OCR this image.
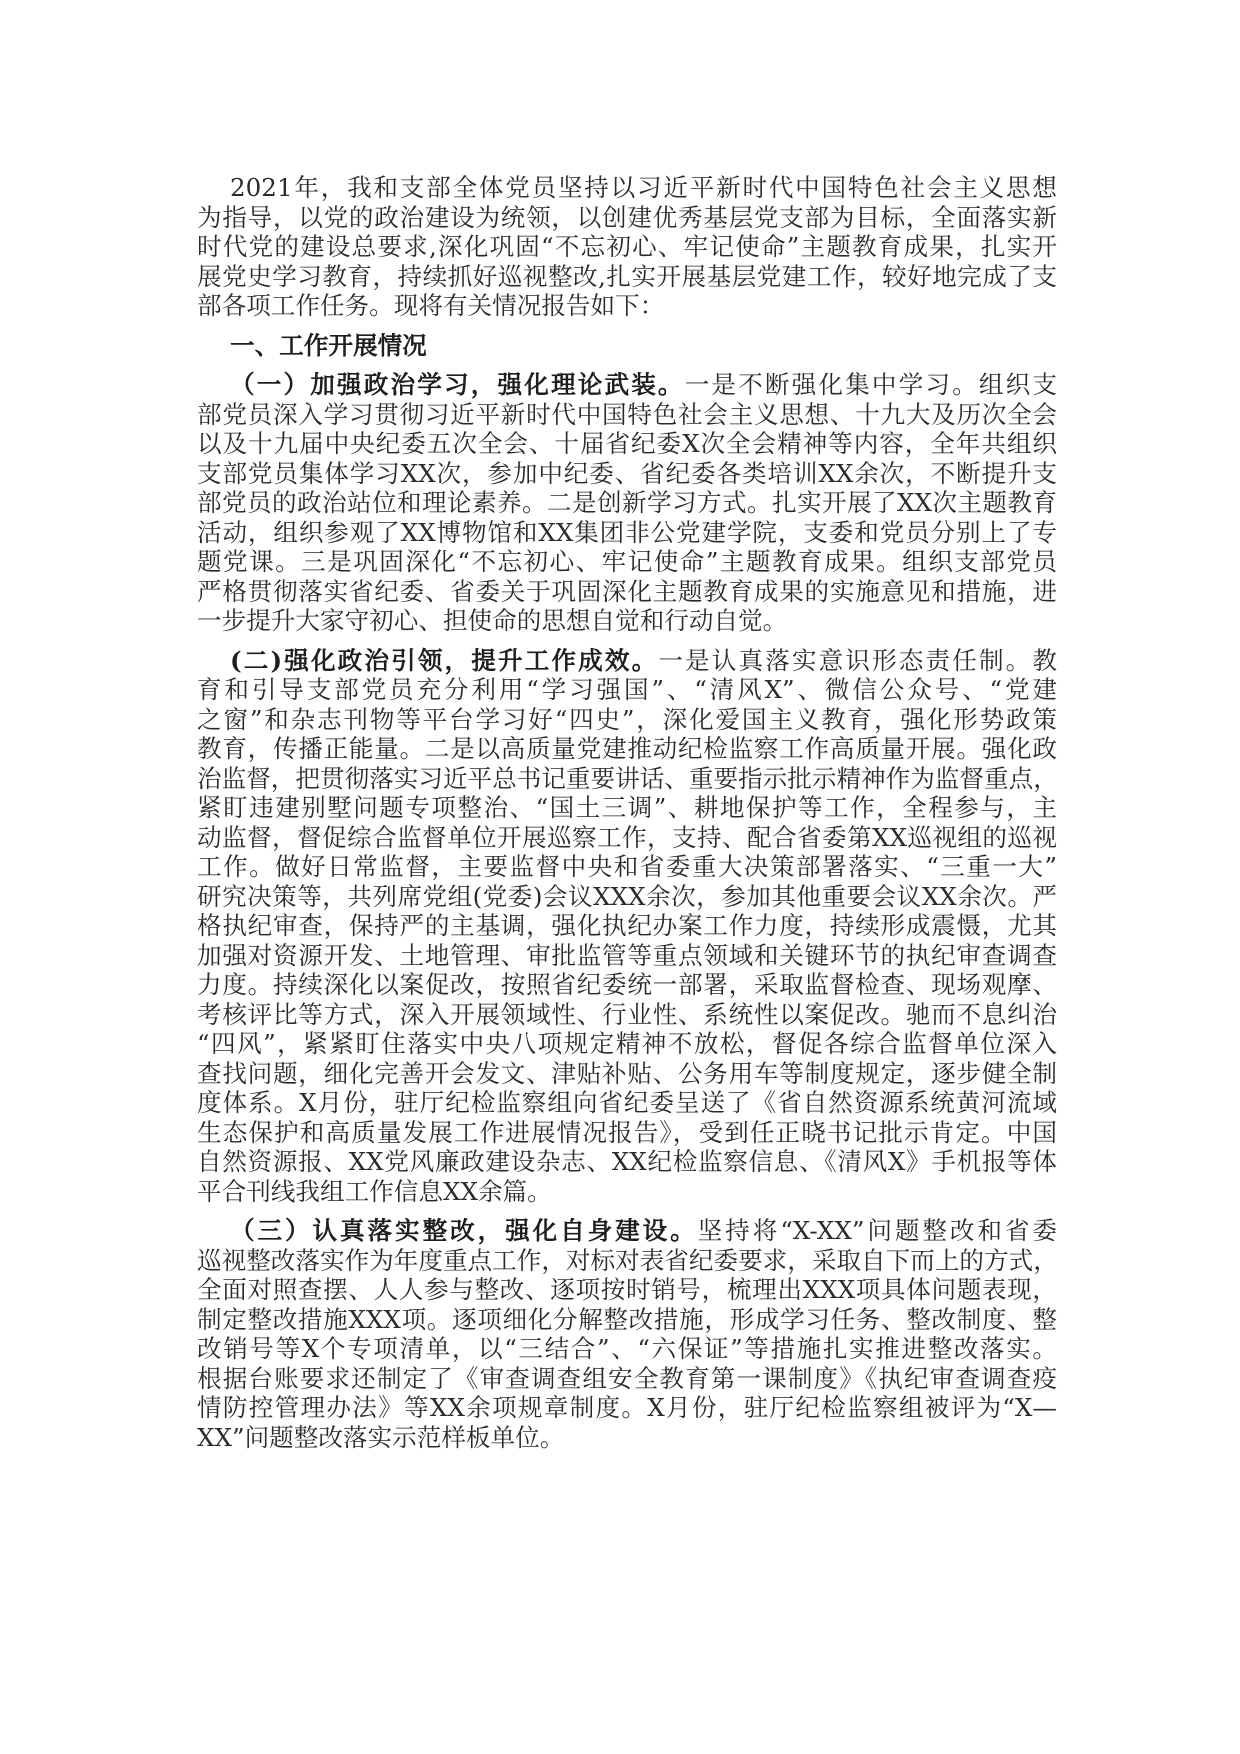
2021年，我和支部全体党员坚持以习近平新时代中国特色社会主义思想
为指导，以党的政治建设为统领，以创建优秀基层党支部为目标，全面落实新
时代党的建设总要求,深化巩固“不忘初心、牢记使命”主题教育成果，扎实开
展党史学习教育，持续抓好巡视整改,扎实开展基层党建工作，较好地完成了支
部各项工作任务。现将有关情况报告如下：
一、工作开展情况
（一）加强政治学习，强化理论武装。一是不断强化集中学习。组织支
部党员深入学习贯彻习近平新时代中国特色社会主义思想、十九大及历次全会
以及十九届中央纪委五次全会、十届省纪委X次全会精神等内容，全年共组织
支部党员集体学习XX次，参加中纪委、省纪委各类培训XX余次，不断提升支
部党员的政治站位和理论素养。二是创新学习方式。扎实开展了XX次主题教育
活动，组织参观了XX博物馆和XX集团非公党建学院，支委和党员分别上了专
题党课。三是巩固深化“不忘初心、牢记使命”主题教育成果。组织支部党员
严格贯彻落实省纪委、省委关于巩固深化主题教育成果的实施意见和措施，进
一步提升大家守初心、担使命的思想自觉和行动自觉。
(二)强化政治引领，提升工作成效。一是认真落实意识形态责任制。教
育和引导支部党员充分利用“学习强国”、“清风X”、微信公众号、“党建
之窗”和杂志刊物等平台学习好“四史”，深化爱国主义教育，强化形势政策
教育，传播正能量。二是以高质量党建推动纪检监察工作高质量开展。强化政
治监督，把贯彻落实习近平总书记重要讲话、重要指示批示精神作为监督重点，
紧盯违建别墅问题专项整治、“国土三调”、耕地保护等工作，全程参与，主
动监督，督促综合监督单位开展巡察工作，支持、配合省委第XX巡视组的巡视
工作。做好日常监督，主要监督中央和省委重大决策部署落实、“三重一大”
研究决策等，共列席党组(党委)会议XXX余次，参加其他重要会议XX余次。严
格执纪审查，保持严的主基调，强化执纪办案工作力度，持续形成震慑，尤其
加强对资源开发、土地管理、审批监管等重点领域和关键环节的执纪审查调查
力度。持续深化以案促改，按照省纪委统一部署，采取监督检查、现场观摩、
考核评比等方式，深入开展领域性、行业性、系统性以案促改。驰而不息纠治
“四风”，紧紧盯住落实中央八项规定精神不放松，督促各综合监督单位深入
查找问题，细化完善开会发文、津贴补贴、公务用车等制度规定，逐步健全制
度体系。X月份，驻厅纪检监察组向省纪委呈送了《省自然资源系统黄河流域
生态保护和高质量发展工作进展情况报告》，受到任正晓书记批示肯定。中国
自然资源报、XX党风廉政建设杂志、XX纪检监察信息、《清风X》手机报等体
平合刊线我组工作信息XX余篇。
（三）认真落实整改，强化自身建设。坚持将“X-XX”问题整改和省委
巡视整改落实作为年度重点工作，对标对表省纪委要求，采取自下而上的方式，
全面对照查摆、人人参与整改、逐项按时销号，梳理出XXX项具体问题表现，
制定整改措施XXX项。逐项细化分解整改措施，形成学习任务、整改制度、整
改销号等X个专项清单，以“三结合”、“六保证”等措施扎实推进整改落实。
根据台账要求还制定了《审查调查组安全教育第一课制度》《执纪审查调查疫
情防控管理办法》等XX余项规章制度。X月份，驻厅纪检监察组被评为“X—
XX”问题整改落实示范样板单位。
